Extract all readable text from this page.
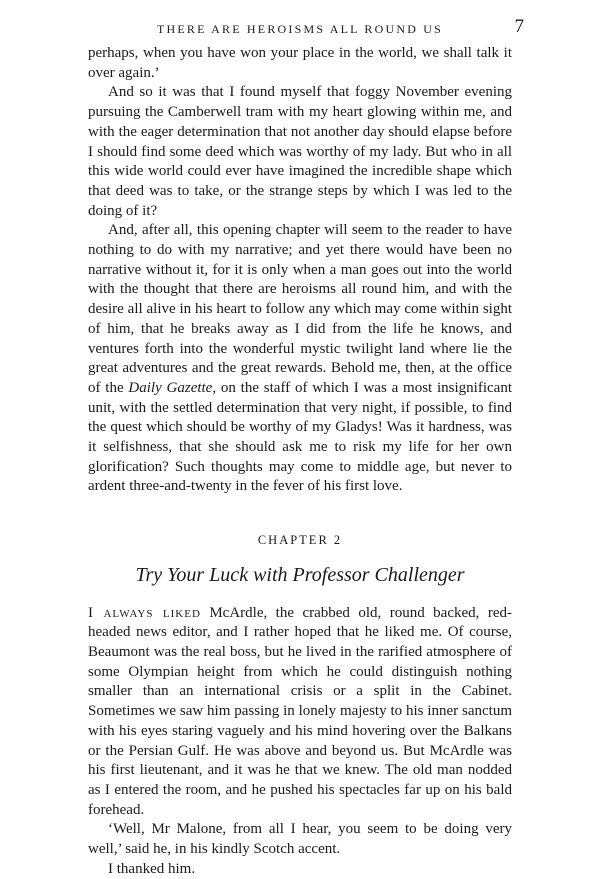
THERE ARE HEROISMS ALL ROUND US	7

perhaps, when you have won your place in the world, we shall talk it over again.’

And so it was that I found myself that foggy November evening pursuing the Camberwell tram with my heart glowing within me, and with the eager determination that not another day should elapse before I should find some deed which was worthy of my lady. But who in all this wide world could ever have imagined the incredible shape which that deed was to take, or the strange steps by which I was led to the doing of it?

And, after all, this opening chapter will seem to the reader to have nothing to do with my narrative; and yet there would have been no narrative without it, for it is only when a man goes out into the world with the thought that there are heroisms all round him, and with the desire all alive in his heart to follow any which may come within sight of him, that he breaks away as I did from the life he knows, and ventures forth into the wonderful mystic twilight land where lie the great adventures and the great rewards. Behold me, then, at the office of the Daily Gazette, on the staff of which I was a most insignificant unit, with the settled determination that very night, if possible, to find the quest which should be worthy of my Gladys! Was it hardness, was it selfishness, that she should ask me to risk my life for her own glorification? Such thoughts may come to middle age, but never to ardent three-and-twenty in the fever of his first love.

CHAPTER 2
Try Your Luck with Professor Challenger

I always liked McArdle, the crabbed old, round backed, red-headed news editor, and I rather hoped that he liked me. Of course, Beaumont was the real boss, but he lived in the rarified atmosphere of some Olympian height from which he could distinguish nothing smaller than an international crisis or a split in the Cabinet. Sometimes we saw him passing in lonely majesty to his inner sanctum with his eyes staring vaguely and his mind hovering over the Balkans or the Persian Gulf. He was above and beyond us. But McArdle was his first lieutenant, and it was he that we knew. The old man nodded as I entered the room, and he pushed his spectacles far up on his bald forehead.

‘Well, Mr Malone, from all I hear, you seem to be doing very well,’ said he, in his kindly Scotch accent.

I thanked him.
